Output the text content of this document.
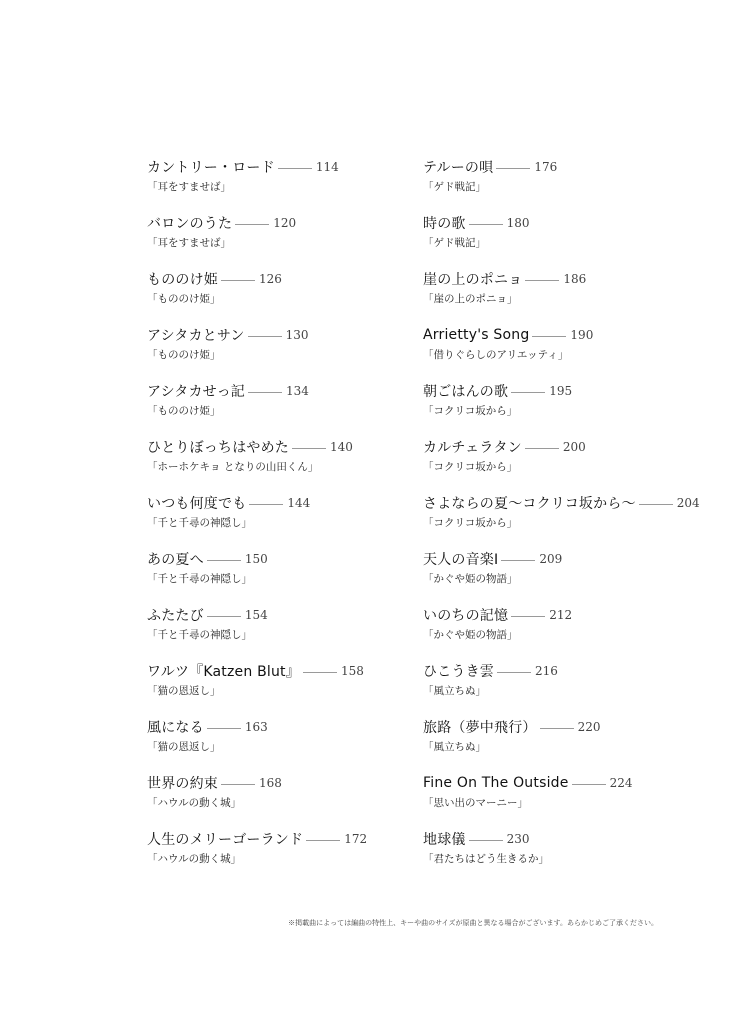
カントリー・ロード	114
「耳をすませば」
バロンのうた	120
「耳をすませば」
もののけ姫	126
「もののけ姫」
アシタカとサン	130
「もののけ姫」
アシタカせっ記	134
「もののけ姫」
ひとりぼっちはやめた	140
「ホーホケキョ となりの山田くん」
いつも何度でも	144
「千と千尋の神隠し」
あの夏へ	150
「千と千尋の神隠し」
ふたたび	154
「千と千尋の神隠し」
ワルツ『Katzen Blut』	158
「猫の恩返し」
風になる	163
「猫の恩返し」
世界の約束	168
「ハウルの動く城」
人生のメリーゴーランド	172
「ハウルの動く城」
テルーの唄	176
「ゲド戦記」
時の歌	180
「ゲド戦記」
崖の上のポニョ	186
「崖の上のポニョ」
Arrietty's Song	190
「借りぐらしのアリエッティ」
朝ごはんの歌	195
「コクリコ坂から」
カルチェラタン	200
「コクリコ坂から」
さよならの夏〜コクリコ坂から〜	204
「コクリコ坂から」
天人の音楽Ⅰ	209
「かぐや姫の物語」
いのちの記憶	212
「かぐや姫の物語」
ひこうき雲	216
「風立ちぬ」
旅路（夢中飛行）	220
「風立ちぬ」
Fine On The Outside	224
「思い出のマーニー」
地球儀	230
「君たちはどう生きるか」
※掲載曲によっては編曲の特性上、キーや曲のサイズが原曲と異なる場合がございます。あらかじめご了承ください。
